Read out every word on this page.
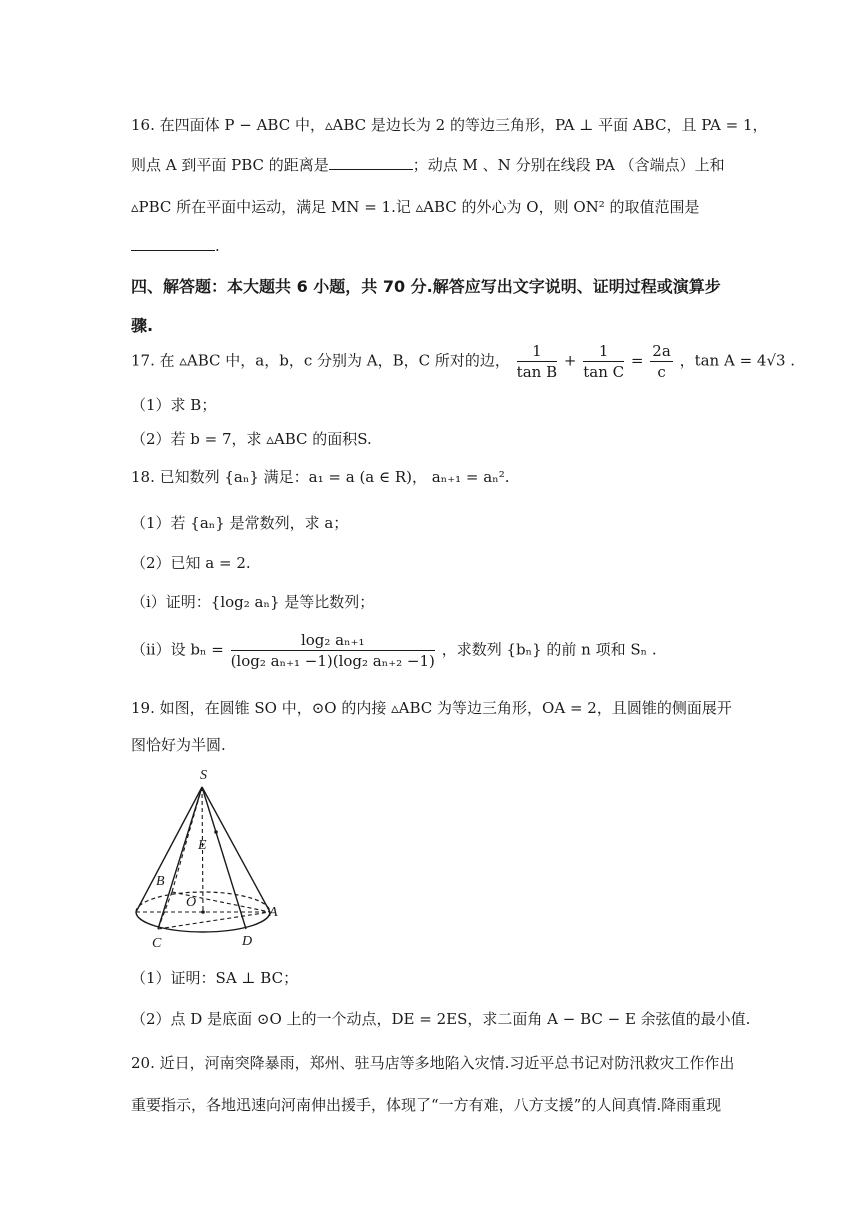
16. 在四面体 P − ABC 中，▵ABC 是边长为 2 的等边三角形，PA ⊥ 平面 ABC，且 PA = 1，
则点 A 到平面 PBC 的距离是	；动点 M 、N 分别在线段 PA （含端点）上和
▵PBC 所在平面中运动，满足 MN = 1.记 ▵ABC 的外心为 O，则 ON² 的取值范围是
.
四、解答题：本大题共 6 小题，共 70 分.解答应写出文字说明、证明过程或演算步
骤.
17. 在 ▵ABC 中，a，b，c 分别为 A，B，C 所对的边， $\frac{1}{\text{tan B}} + \frac{1}{\text{tan C}} = \frac{2a}{c}$ ，tan A = 4√3 .
（1）求 B；
（2）若 b = 7，求 ▵ABC 的面积S.
18. 已知数列 {aₙ} 满足：a₁ = a (a ∈ R)， aₙ₊₁ = aₙ².
（1）若 {aₙ} 是常数列，求 a；
（2）已知 a = 2.
（i）证明：{log₂ aₙ} 是等比数列；
（ii）设 $b_n = \frac{\text{log₂ aₙ₊₁}}{\text{(log₂ aₙ₊₁ −1)(log₂ aₙ₊₂ −1)}}$ ，求数列 {bₙ} 的前 n 项和 Sₙ .
19. 如图，在圆锥 SO 中，⊙O 的内接 ▵ABC 为等边三角形，OA = 2，且圆锥的侧面展开
图恰好为半圆.
S
E
B
O
A
C	D
（1）证明：SA ⊥ BC；
（2）点 D 是底面 ⊙O 上的一个动点，DE = 2ES，求二面角 A − BC − E 余弦值的最小值.
20. 近日，河南突降暴雨，郑州、驻马店等多地陷入灾情.习近平总书记对防汛救灾工作作出
重要指示，各地迅速向河南伸出援手，体现了“一方有难，八方支援”的人间真情.降雨重现
